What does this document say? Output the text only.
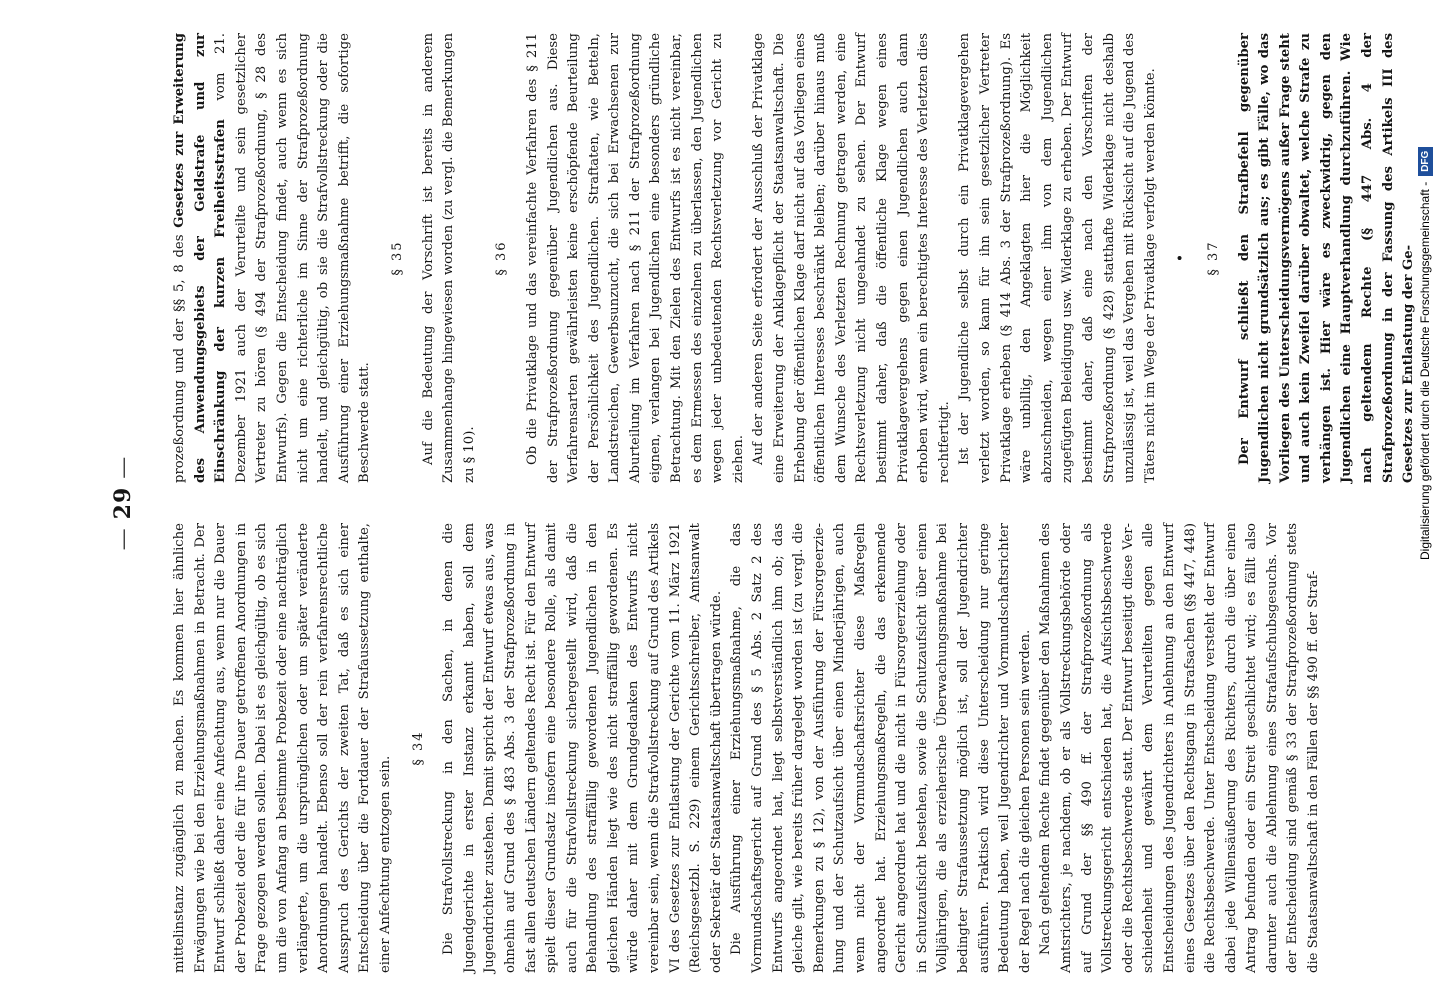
— 29 —

mittelinstanz zugänglich zu machen. Es kommen hier ähnliche Erwägungen wie bei den Erziehungsmaßnahmen in Betracht. Der Entwurf schließt daher eine Anfechtung aus, wenn nur die Dauer der Probezeit oder die für ihre Dauer getroffenen Anordnungen in Frage gezogen werden sollen. Dabei ist es gleichgültig, ob es sich um die von Anfang an bestimmte Probezeit oder eine nachträglich verlängerte, um die ursprünglichen oder um später veränderte Anordnungen handelt. Ebenso soll der rein verfahrensrechtliche Ausspruch des Gerichts der zweiten Tat, daß es sich einer Entscheidung über die Fortdauer der Strafaussetzung enthalte, einer Anfechtung entzogen sein.

§ 34 Die Strafvollstreckung in den Sachen, in denen die Jugendgerichte in erster Instanz erkannt haben, soll dem Jugendrichter zustehen. Damit spricht der Entwurf etwas aus, was ohnehin auf Grund des § 483 Abs. 3 der Strafprozeßordnung in fast allen deutschen Ländern geltendes Recht ist. Für den Entwurf spielt dieser Grundsatz insofern eine besondere Rolle, als damit auch für die Strafvollstreckung sichergestellt wird, daß die Behandlung des straffällig gewordenen Jugendlichen in den gleichen Händen liegt wie des nicht straffällig gewordenen. Es würde daher mit dem Grundgedanken des Entwurfs nicht vereinbar sein, wenn die Strafvollstreckung auf Grund des Artikels VI des Gesetzes zur Entlastung der Gerichte vom 11. März 1921 (Reichsgesetzbl. S. 229) einem Gerichtsschreiber, Amtsanwalt oder Sekretär der Staatsanwaltschaft übertragen würde. Die Ausführung einer Erziehungsmaßnahme, die das Vormundschaftsgericht auf Grund des § 5 Abs. 2 Satz 2 des Entwurfs angeordnet hat, liegt selbstverständlich ihm ob; das gleiche gilt, wie bereits früher dargelegt worden ist (zu vergl. die Bemerkungen zu § 12), von der Ausführung der Fürsorgeerziehung und der Schutzaufsicht über einen Minderjährigen, auch wenn nicht der Vormundschaftsrichter diese Maßregeln angeordnet hat. Erziehungsmaßregeln, die das erkennende Gericht angeordnet hat und die nicht in Fürsorgeerziehung oder in Schutzaufsicht bestehen, sowie die Schutzaufsicht über einen Volljährigen, die als erzieherische Überwachungsmaßnahme bei bedingter Strafaussetzung möglich ist, soll der Jugendrichter ausführen. Praktisch wird diese Unterscheidung nur geringe Bedeutung haben, weil Jugendrichter und Vormundschaftsrichter der Regel nach die gleichen Personen sein werden. Nach geltendem Rechte findet gegenüber den Maßnahmen des Amtsrichters, je nachdem, ob er als Vollstreckungsbehörde oder auf Grund der §§ 490 ff. der Strafprozeßordnung als Vollstreckungsgericht entschieden hat, die Aufsichtsbeschwerde oder die Rechtsbeschwerde statt. Der Entwurf beseitigt diese Verschiedenheit und gewährt dem Verurteilten gegen alle Entscheidungen des Jugendrichters in Anlehnung an den Entwurf eines Gesetzes über den Rechtsgang in Strafsachen (§§ 447, 448) die Rechtsbeschwerde. Unter Entscheidung versteht der Entwurf dabei jede Willensäußerung des Richters, durch die über einen Antrag befunden oder ein Streit geschlichtet wird; es fällt also darunter auch die Ablehnung eines Strafaufschubsgesuchs. Vor der Entscheidung sind gemäß § 33 der Strafprozeßordnung stets die Staatsanwaltschaft in den Fällen der §§ 490 ff. der Straf-

prozeßordnung und der §§ 5, 8 des Gesetzes zur Erweiterung des Anwendungsgebiets der Geldstrafe und zur Einschränkung der kurzen Freiheitsstrafen vom 21. Dezember 1921 auch der Verurteilte und sein gesetzlicher Vertreter zu hören (§ 494 der Strafprozeßordnung, § 28 des Entwurfs). Gegen die Entscheidung findet, auch wenn es sich nicht um eine richterliche im Sinne der Strafprozeßordnung handelt, und gleichgültig, ob sie die Strafvollstreckung oder die Ausführung einer Erziehungsmaßnahme betrifft, die sofortige Beschwerde statt.

§ 35 Auf die Bedeutung der Vorschrift ist bereits in anderem Zusammenhange hingewiesen worden (zu vergl. die Bemerkungen zu § 10).

§ 36 Ob die Privatklage und das vereinfachte Verfahren des § 211 der Strafprozeßordnung gegenüber Jugendlichen aus. Diese Verfahrensarten gewährleisten keine erschöpfende Beurteilung der Persönlichkeit des Jugendlichen. Straftaten, wie Betteln, Landstreichen, Gewerbsunzucht, die sich bei Erwachsenen zur Aburteilung im Verfahren nach § 211 der Strafprozeßordnung eignen, verlangen bei Jugendlichen eine besonders gründliche Betrachtung. Mit den Zielen des Entwurfs ist es nicht vereinbar, es dem Ermessen des einzelnen zu überlassen, den Jugendlichen wegen jeder unbedeutenden Rechtsverletzung vor Gericht zu ziehen. Auf der anderen Seite erfordert der Ausschluß der Privatklage eine Erweiterung der Anklagepflicht der Staatsanwaltschaft. Die Erhebung der öffentlichen Klage darf nicht auf das Vorliegen eines öffentlichen Interesses beschränkt bleiben; darüber hinaus muß dem Wunsche des Verletzten Rechnung getragen werden, eine Rechtsverletzung nicht ungeahndet zu sehen. Der Entwurf bestimmt daher, daß die öffentliche Klage wegen eines Privatklagevergehens gegen einen Jugendlichen auch dann erhoben wird, wenn ein berechtigtes Interesse des Verletzten dies rechtfertigt. Ist der Jugendliche selbst durch ein Privatklagevergehen verletzt worden, so kann für ihn sein gesetzlicher Vertreter Privatklage erheben (§ 414 Abs. 3 der Strafprozeßordnung). Es wäre unbillig, den Angeklagten hier die Möglichkeit abzuschneiden, wegen einer ihm von dem Jugendlichen zugefügten Beleidigung usw. Widerklage zu erheben. Der Entwurf bestimmt daher, daß eine nach den Vorschriften der Strafprozeßordnung (§ 428) statthafte Widerklage nicht deshalb unzulässig ist, weil das Vergehen mit Rücksicht auf die Jugend des Täters nicht im Wege der Privatklage verfolgt werden könnte. • § 37 Der Entwurf schließt den Strafbefehl gegenüber Jugendlichen nicht grundsätzlich aus; es gibt Fälle, wo das Vorliegen des Unterscheidungsvermögens außer Frage steht und auch kein Zweifel darüber obwaltet, welche Strafe zu verhängen ist. Hier wäre es zweckwidrig, gegen den Jugendlichen eine Hauptverhandlung durchzuführen. Wie nach geltendem Rechte (§ 447 Abs. 4 der Strafprozeßordnung in der Fassung des Artikels III des Gesetzes zur Entlastung der Ge- Digitalisierung gefördert durch die Deutsche Forschungsgemeinschaft -
DFG
